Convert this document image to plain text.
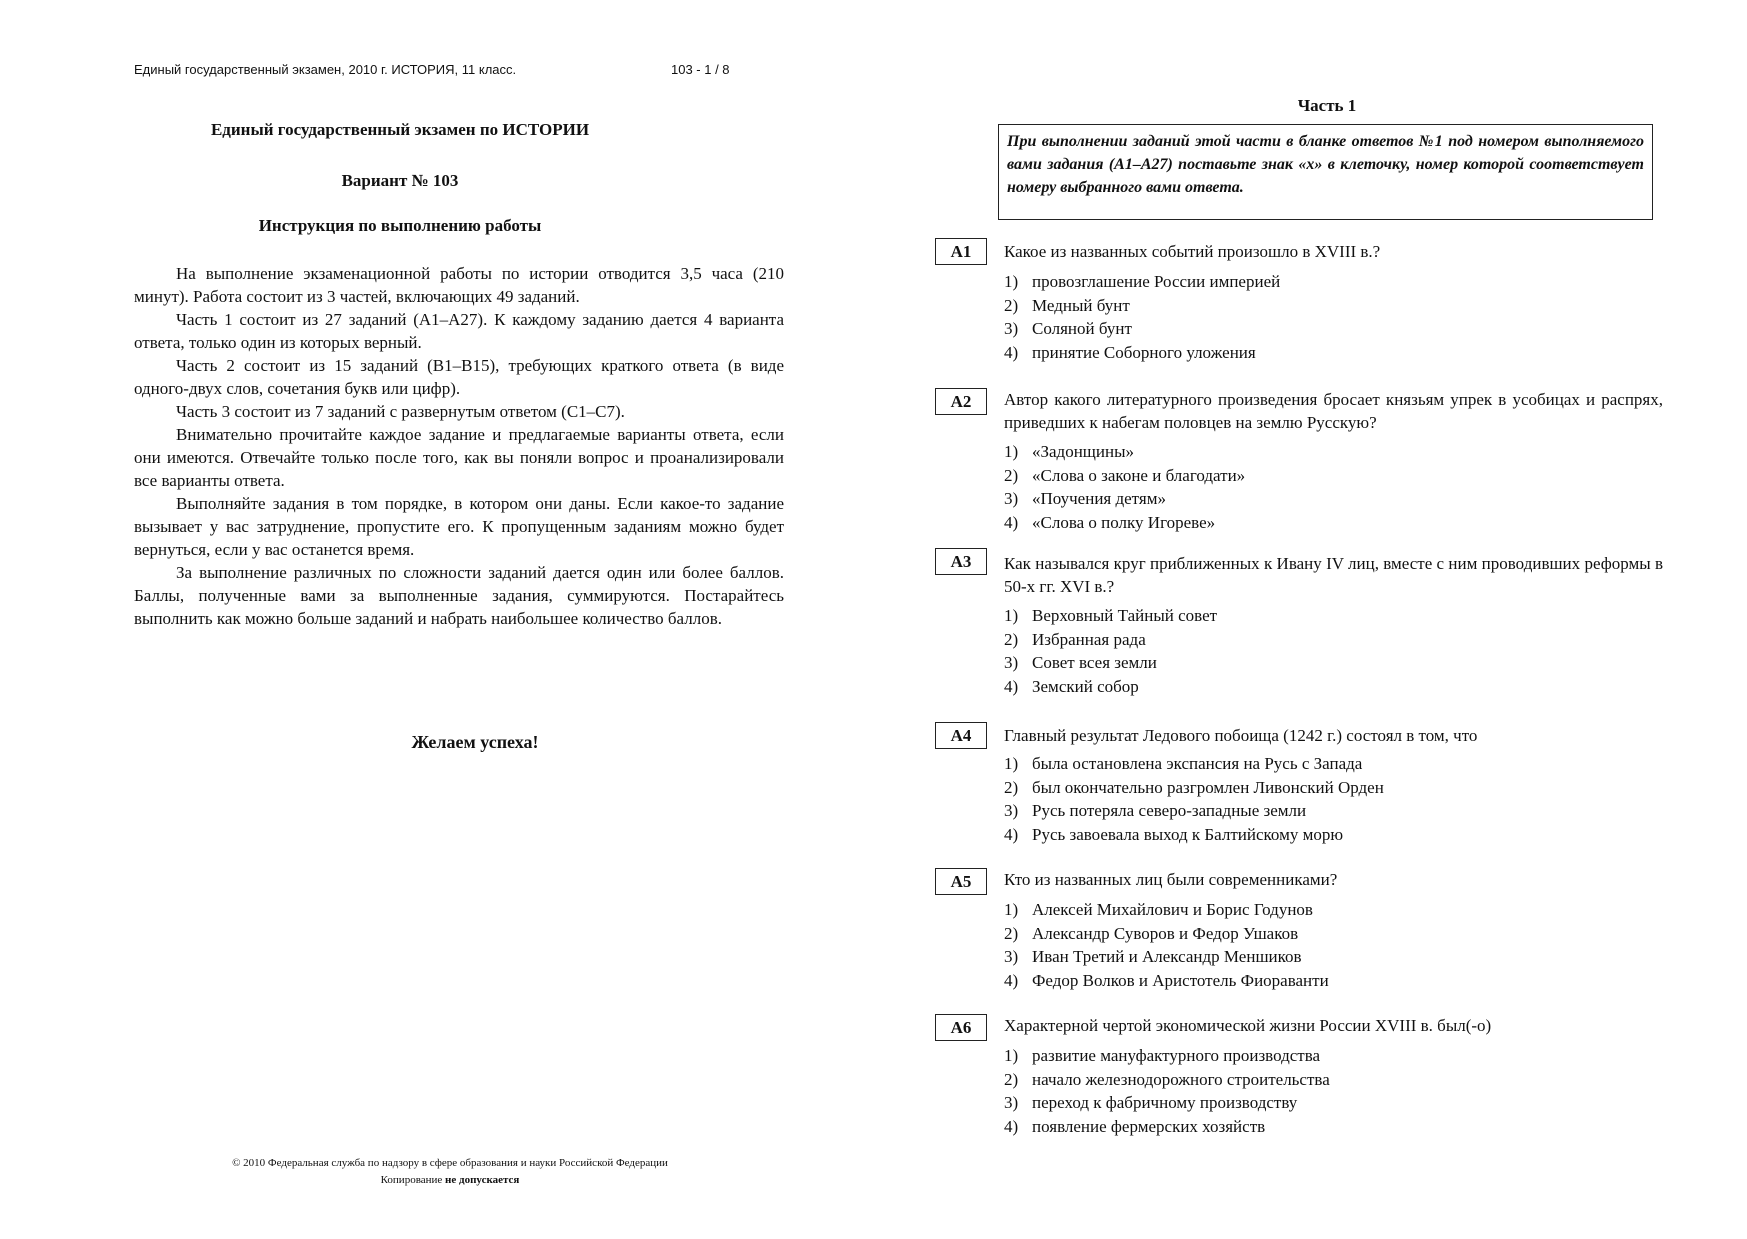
Единый государственный экзамен, 2010 г. ИСТОРИЯ, 11 класс.	103 - 1 / 8
Единый государственный экзамен по ИСТОРИИ
Вариант № 103
Инструкция по выполнению работы

На выполнение экзаменационной работы по истории отводится 3,5 часа (210 минут). Работа состоит из 3 частей, включающих 49 заданий.

Часть 1 состоит из 27 заданий (А1–А27). К каждому заданию дается 4 варианта ответа, только один из которых верный.

Часть 2 состоит из 15 заданий (В1–В15), требующих краткого ответа (в виде одного-двух слов, сочетания букв или цифр).

Часть 3 состоит из 7 заданий с развернутым ответом (С1–С7).

Внимательно прочитайте каждое задание и предлагаемые варианты ответа, если они имеются. Отвечайте только после того, как вы поняли вопрос и проанализировали все варианты ответа.

Выполняйте задания в том порядке, в котором они даны. Если какое-то задание вызывает у вас затруднение, пропустите его. К пропущенным заданиям можно будет вернуться, если у вас останется время.

За выполнение различных по сложности заданий дается один или более баллов. Баллы, полученные вами за выполненные задания, суммируются. Постарайтесь выполнить как можно больше заданий и набрать наибольшее количество баллов.

Желаем успеха!
© 2010 Федеральная служба по надзору в сфере образования и науки Российской Федерации
Копирование не допускается
Часть 1
При выполнении заданий этой части в бланке ответов №1 под номером выполняемого вами задания (А1–А27) поставьте знак «х» в клеточку, номер которой соответствует номеру выбранного вами ответа.
А1	Какое из названных событий произошло в XVIII в.?
1) провозглашение России империей
2) Медный бунт
3) Соляной бунт
4) принятие Соборного уложения
А2	Автор какого литературного произведения бросает князьям упрек в усобицах и распрях, приведших к набегам половцев на землю Русскую?
1) «Задонщины»
2) «Слова о законе и благодати»
3) «Поучения детям»
4) «Слова о полку Игореве»
А3	Как назывался круг приближенных к Ивану IV лиц, вместе с ним проводивших реформы в 50-х гг. XVI в.?
1) Верховный Тайный совет
2) Избранная рада
3) Совет всея земли
4) Земский собор
А4	Главный результат Ледового побоища (1242 г.) состоял в том, что
1) была остановлена экспансия на Русь с Запада
2) был окончательно разгромлен Ливонский Орден
3) Русь потеряла северо-западные земли
4) Русь завоевала выход к Балтийскому морю
А5	Кто из названных лиц были современниками?
1) Алексей Михайлович и Борис Годунов
2) Александр Суворов и Федор Ушаков
3) Иван Третий и Александр Меншиков
4) Федор Волков и Аристотель Фиораванти
А6	Характерной чертой экономической жизни России XVIII в. был(-о)
1) развитие мануфактурного производства
2) начало железнодорожного строительства
3) переход к фабричному производству
4) появление фермерских хозяйств
